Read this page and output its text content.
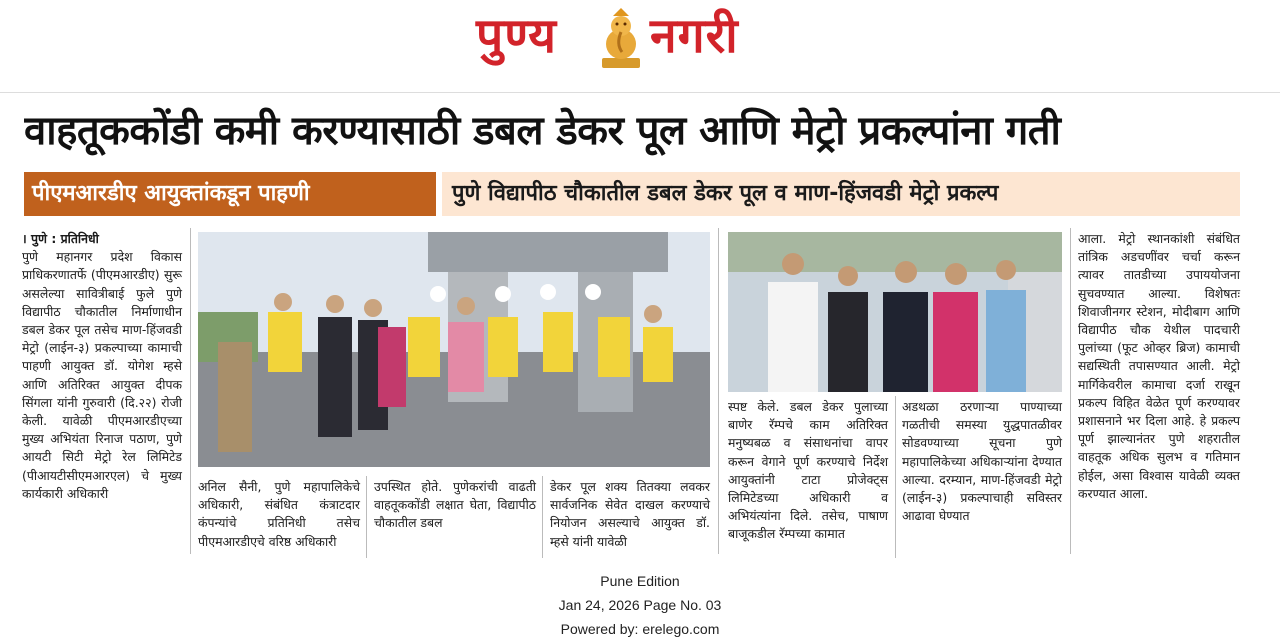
पुण्य नगरी
वाहतूककोंडी कमी करण्यासाठी डबल डेकर पूल आणि मेट्रो प्रकल्पांना गती
पीएमआरडीए आयुक्तांकडून पाहणी	पुणे विद्यापीठ चौकातील डबल डेकर पूल व माण-हिंजवडी मेट्रो प्रकल्प

। पुणे : प्रतिनिधी

पुणे महानगर प्रदेश विकास प्राधिकरणातर्फे (पीएमआरडीए) सुरू असलेल्या सावित्रीबाई फुले पुणे विद्यापीठ चौकातील निर्माणाधीन डबल डेकर पूल तसेच माण-हिंजवडी मेट्रो (लाईन-३) प्रकल्पाच्या कामाची पाहणी आयुक्त डॉ. योगेश म्हसे आणि अतिरिक्त आयुक्त दीपक सिंगला यांनी गुरुवारी (दि.२२) रोजी केली. यावेळी पीएमआरडीएच्या मुख्य अभियंता रिनाज पठाण, पुणे आयटी सिटी मेट्रो रेल लिमिटेड (पीआयटीसीएमआरएल) चे मुख्य कार्यकारी अधिकारी	अनिल सैनी, पुणे महापालिकेचे अधिकारी, संबंधित कंत्राटदार कंपन्यांचे प्रतिनिधी तसेच पीएमआरडीएचे वरिष्ठ अधिकारी

उपस्थित होते. पुणेकरांची वाढती वाहतूककोंडी लक्षात घेता, विद्यापीठ चौकातील डबल

डेकर पूल शक्य तितक्या लवकर सार्वजनिक सेवेत दाखल करण्याचे नियोजन असल्याचे आयुक्त डॉ. म्हसे यांनी यावेळी

स्पष्ट केले. डबल डेकर पुलाच्या बाणेर रॅम्पचे काम अतिरिक्त मनुष्यबळ व संसाधनांचा वापर करून वेगाने पूर्ण करण्याचे निर्देश आयुक्तांनी टाटा प्रोजेक्ट्स लिमिटेडच्या अधिकारी व अभियंत्यांना दिले. तसेच, पाषाण बाजूकडील रॅम्पच्या कामात

अडथळा ठरणाऱ्या पाण्याच्या गळतीची समस्या युद्धपातळीवर सोडवण्याच्या सूचना पुणे महापालिकेच्या अधिकाऱ्यांना देण्यात आल्या. दरम्यान, माण-हिंजवडी मेट्रो (लाईन-३) प्रकल्पाचाही सविस्तर आढावा घेण्यात

आला. मेट्रो स्थानकांशी संबंधित तांत्रिक अडचणींवर चर्चा करून त्यावर तातडीच्या उपाययोजना सुचवण्यात आल्या. विशेषतः शिवाजीनगर स्टेशन, मोदीबाग आणि विद्यापीठ चौक येथील पादचारी पुलांच्या (फूट ओव्हर ब्रिज) कामाची सद्यस्थिती तपासण्यात आली. मेट्रो मार्गिकेवरील कामाचा दर्जा राखून प्रकल्प विहित वेळेत पूर्ण करण्यावर प्रशासनाने भर दिला आहे. हे प्रकल्प पूर्ण झाल्यानंतर पुणे शहरातील वाहतूक अधिक सुलभ व गतिमान होईल, असा विश्वास यावेळी व्यक्त करण्यात आला.

Pune Edition
Jan 24, 2026 Page No. 03
Powered by: erelego.com
